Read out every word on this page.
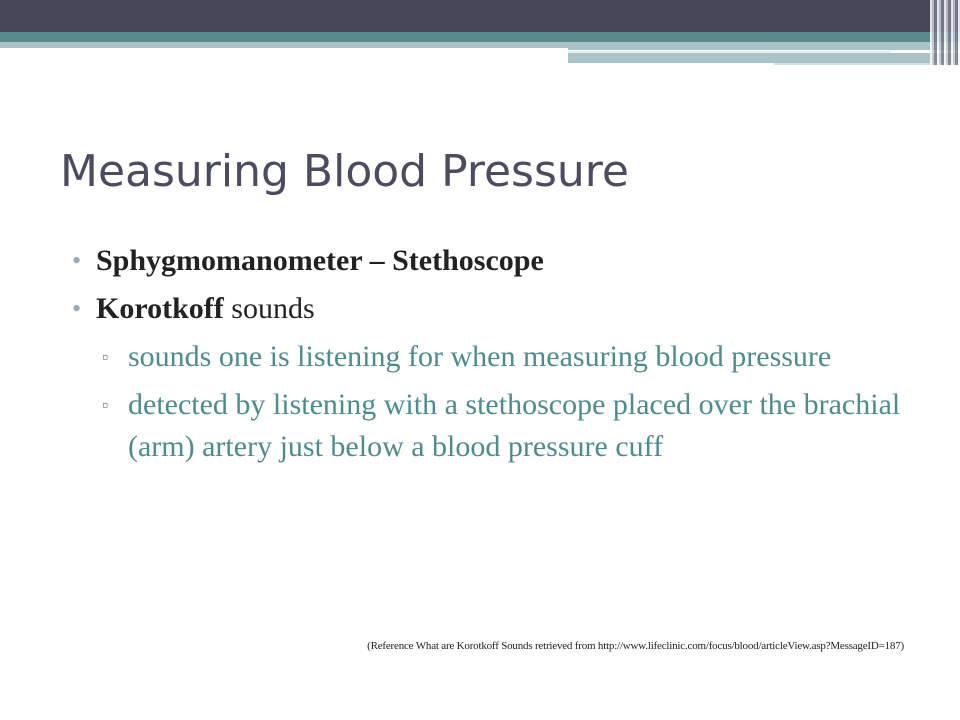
Measuring Blood Pressure

• Sphygmomanometer – Stethoscope

• Korotkoff sounds

▫ sounds one is listening for when measuring blood pressure

▫ detected by listening with a stethoscope placed over the brachial (arm) artery just below a blood pressure cuff

(Reference What are Korotkoff Sounds retrieved from http://www.lifeclinic.com/focus/blood/articleView.asp?MessageID=187)
